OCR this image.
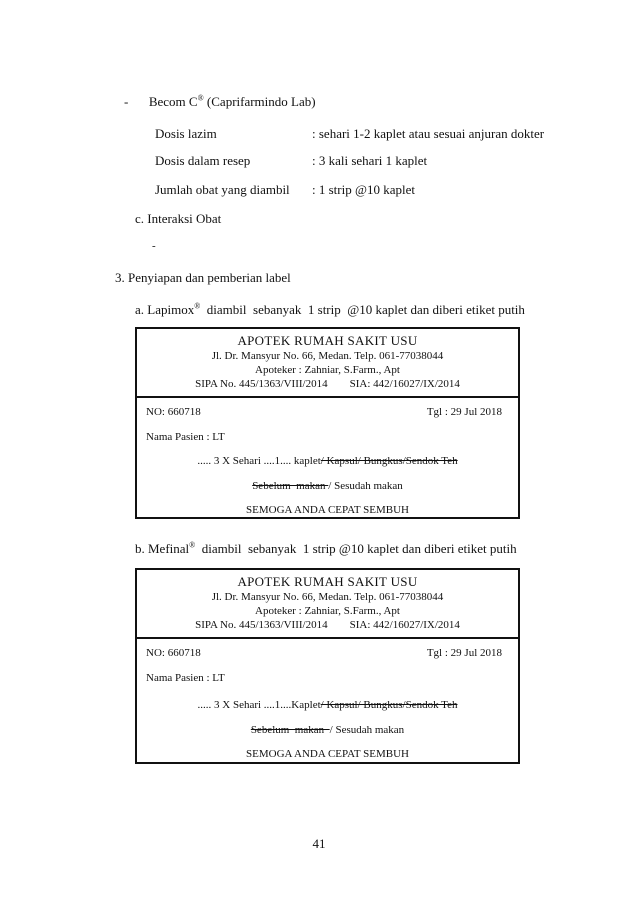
- Becom C® (Caprifarmindo Lab)
Dosis lazim	: sehari 1-2 kaplet atau sesuai anjuran dokter
Dosis dalam resep	: 3 kali sehari 1 kaplet
Jumlah obat yang diambil : 1 strip @10 kaplet
c. Interaksi Obat
-
3. Penyiapan dan pemberian label
a. Lapimox®  diambil  sebanyak  1 strip  @10 kaplet dan diberi etiket putih
APOTEK RUMAH SAKIT USU
Jl. Dr. Mansyur No. 66, Medan. Telp. 061-77038044
Apoteker : Zahniar, S.Farm., Apt
SIPA No. 445/1363/VIII/2014 SIA: 442/16027/IX/2014
NO: 660718	Tgl : 29 Jul 2018
Nama Pasien : LT
..... 3 X Sehari ....1.... kaplet/ Kapsul/ Bungkus/Sendok Teh
Sebelum  makan / Sesudah makan
SEMOGA ANDA CEPAT SEMBUH
b. Mefinal®  diambil  sebanyak  1 strip @10 kaplet dan diberi etiket putih
APOTEK RUMAH SAKIT USU
Jl. Dr. Mansyur No. 66, Medan. Telp. 061-77038044
Apoteker : Zahniar, S.Farm., Apt
SIPA No. 445/1363/VIII/2014 SIA: 442/16027/IX/2014
NO: 660718	Tgl : 29 Jul 2018
Nama Pasien : LT
..... 3 X Sehari ....1....Kaplet/ Kapsul/ Bungkus/Sendok Teh
Sebelum  makan  / Sesudah makan
SEMOGA ANDA CEPAT SEMBUH
41
